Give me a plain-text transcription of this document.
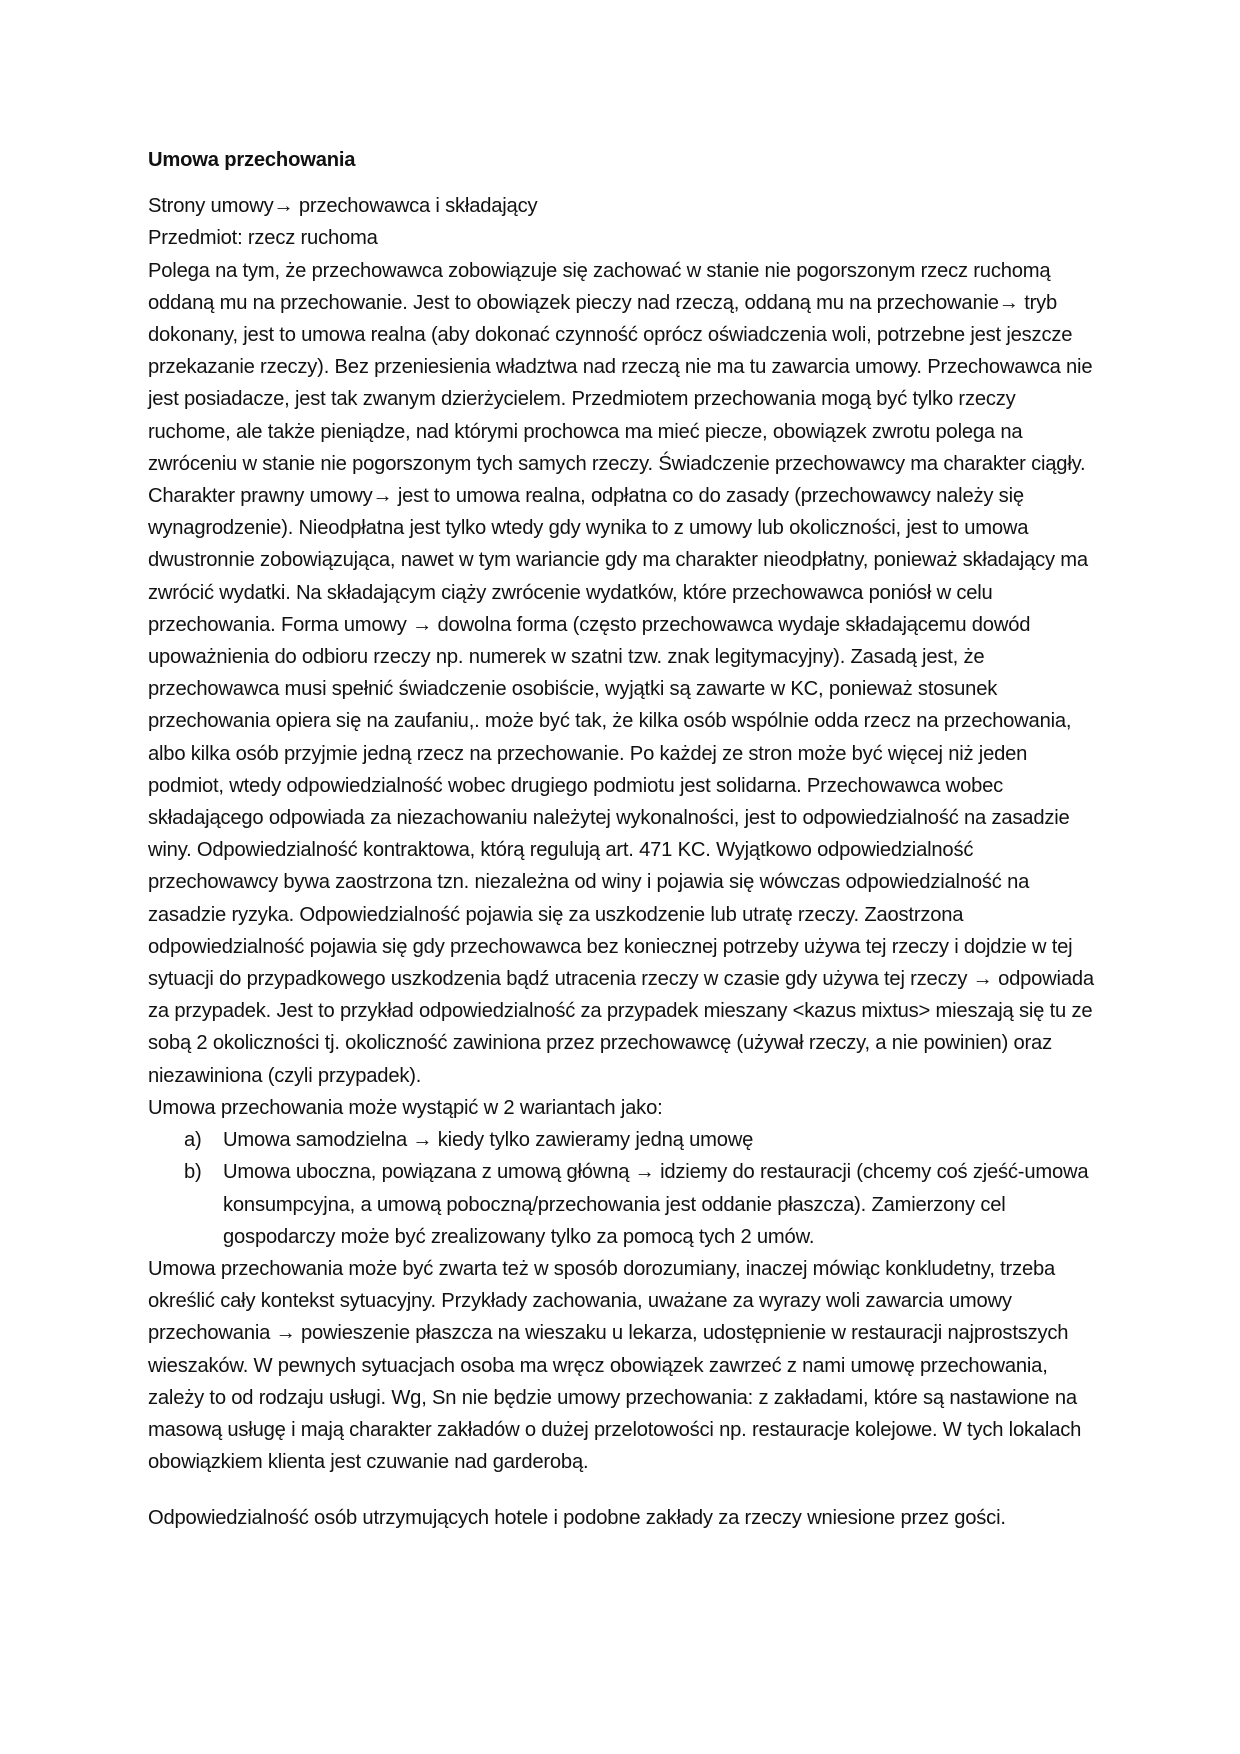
Umowa przechowania

Strony umowy→ przechowawca i składający

Przedmiot: rzecz ruchoma

Polega na tym, że przechowawca zobowiązuje się zachować w stanie nie pogorszonym rzecz ruchomą oddaną mu na przechowanie. Jest to obowiązek pieczy nad rzeczą, oddaną mu na przechowanie→ tryb dokonany, jest to umowa realna (aby dokonać czynność oprócz oświadczenia woli, potrzebne jest jeszcze przekazanie rzeczy). Bez przeniesienia władztwa nad rzeczą nie ma tu zawarcia umowy. Przechowawca nie jest posiadacze, jest tak zwanym dzierżycielem. Przedmiotem przechowania mogą być tylko rzeczy ruchome, ale także pieniądze, nad którymi prochowca ma mieć piecze, obowiązek zwrotu polega na zwróceniu w stanie nie pogorszonym tych samych rzeczy. Świadczenie przechowawcy ma charakter ciągły. Charakter prawny umowy→ jest to umowa realna, odpłatna co do zasady (przechowawcy należy się wynagrodzenie). Nieodpłatna jest tylko wtedy gdy wynika to z umowy lub okoliczności, jest to umowa dwustronnie zobowiązująca, nawet w tym wariancie gdy ma charakter nieodpłatny, ponieważ składający ma zwrócić wydatki. Na składającym ciąży zwrócenie wydatków, które przechowawca poniósł w celu przechowania. Forma umowy → dowolna forma (często przechowawca wydaje składającemu dowód upoważnienia do odbioru rzeczy np. numerek w szatni tzw. znak legitymacyjny). Zasadą jest, że przechowawca musi spełnić świadczenie osobiście, wyjątki są zawarte w KC, ponieważ stosunek przechowania opiera się na zaufaniu,. może być tak, że kilka osób wspólnie odda rzecz na przechowania, albo kilka osób przyjmie jedną rzecz na przechowanie. Po każdej ze stron może być więcej niż jeden podmiot, wtedy odpowiedzialność wobec drugiego podmiotu jest solidarna. Przechowawca wobec składającego odpowiada za niezachowaniu należytej wykonalności, jest to odpowiedzialność na zasadzie winy. Odpowiedzialność kontraktowa, którą regulują art. 471 KC. Wyjątkowo odpowiedzialność przechowawcy bywa zaostrzona tzn. niezależna od winy i pojawia się wówczas odpowiedzialność na zasadzie ryzyka. Odpowiedzialność pojawia się za uszkodzenie lub utratę rzeczy. Zaostrzona odpowiedzialność pojawia się gdy przechowawca bez koniecznej potrzeby używa tej rzeczy i dojdzie w tej sytuacji do przypadkowego uszkodzenia bądź utracenia rzeczy w czasie gdy używa tej rzeczy → odpowiada za przypadek. Jest to przykład odpowiedzialność za przypadek mieszany <kazus mixtus> mieszają się tu ze sobą 2 okoliczności tj. okoliczność zawiniona przez przechowawcę (używał rzeczy, a nie powinien) oraz niezawiniona (czyli przypadek).

Umowa przechowania może wystąpić w 2 wariantach jako:

a) Umowa samodzielna → kiedy tylko zawieramy jedną umowę
b) Umowa uboczna, powiązana z umową główną → idziemy do restauracji (chcemy coś zjeść-umowa konsumpcyjna, a umową poboczną/przechowania jest oddanie płaszcza). Zamierzony cel gospodarczy może być zrealizowany tylko za pomocą tych 2 umów.

Umowa przechowania może być zwarta też w sposób dorozumiany, inaczej mówiąc konkludetny, trzeba określić cały kontekst sytuacyjny. Przykłady zachowania, uważane za wyrazy woli zawarcia umowy przechowania → powieszenie płaszcza na wieszaku u lekarza, udostępnienie w restauracji najprostszych wieszaków. W pewnych sytuacjach osoba ma wręcz obowiązek zawrzeć z nami umowę przechowania, zależy to od rodzaju usługi. Wg, Sn nie będzie umowy przechowania: z zakładami, które są nastawione na masową usługę i mają charakter zakładów o dużej przelotowości np. restauracje kolejowe. W tych lokalach obowiązkiem klienta jest czuwanie nad garderobą.

Odpowiedzialność osób utrzymujących hotele i podobne zakłady za rzeczy wniesione przez gości.
